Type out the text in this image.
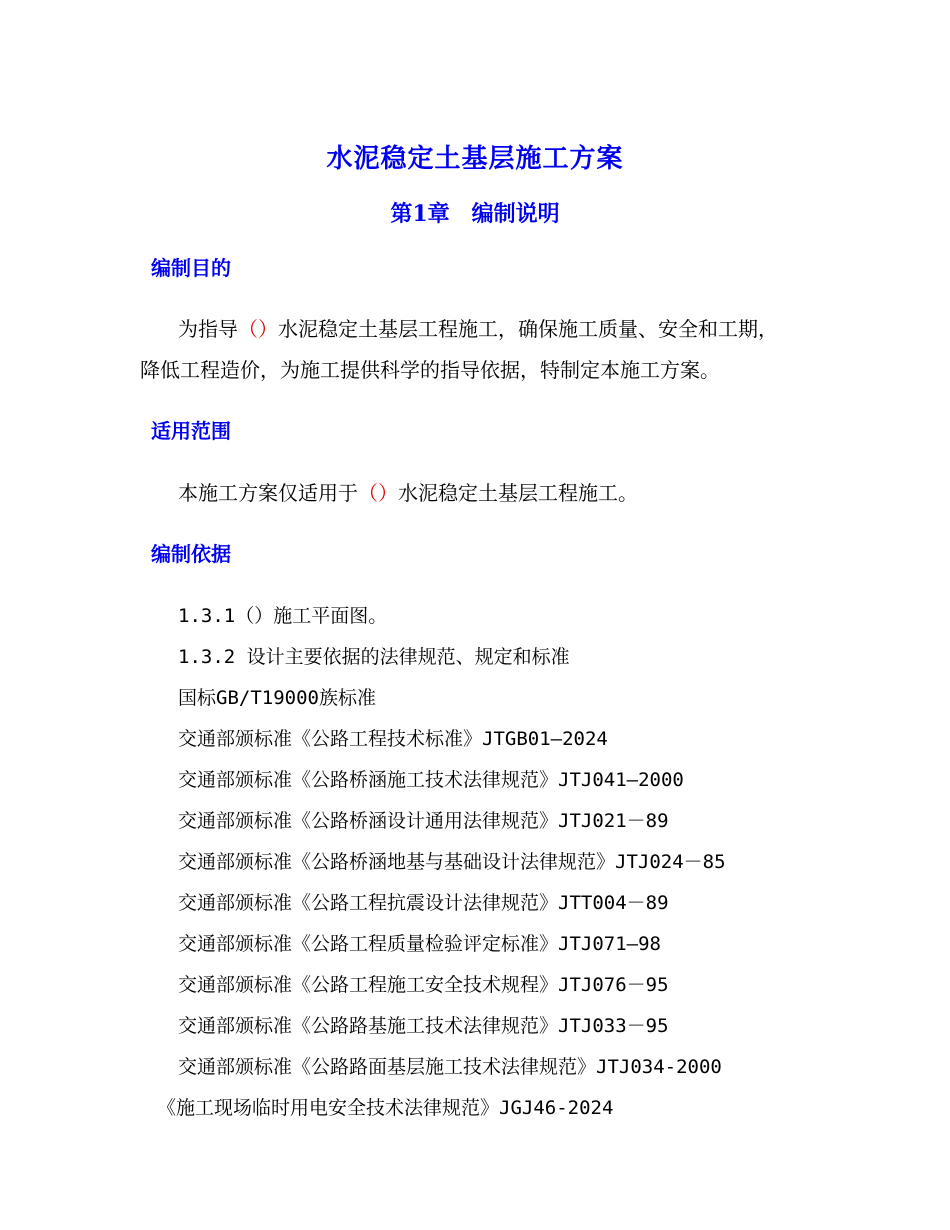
水泥稳定土基层施工方案
第1章 编制说明
编制目的
为指导（）水泥稳定土基层工程施工，确保施工质量、安全和工期，
降低工程造价，为施工提供科学的指导依据，特制定本施工方案。
适用范围
本施工方案仅适用于（）水泥稳定土基层工程施工。
编制依据
1.3.1（）施工平面图。
1.3.2 设计主要依据的法律规范、规定和标准
国标GB/T19000族标准
交通部颁标准《公路工程技术标准》JTGB01—2024
交通部颁标准《公路桥涵施工技术法律规范》JTJ041—2000
交通部颁标准《公路桥涵设计通用法律规范》JTJ021－89
交通部颁标准《公路桥涵地基与基础设计法律规范》JTJ024－85
交通部颁标准《公路工程抗震设计法律规范》JTT004－89
交通部颁标准《公路工程质量检验评定标准》JTJ071—98
交通部颁标准《公路工程施工安全技术规程》JTJ076－95
交通部颁标准《公路路基施工技术法律规范》JTJ033－95
交通部颁标准《公路路面基层施工技术法律规范》JTJ034-2000
《施工现场临时用电安全技术法律规范》JGJ46-2024
